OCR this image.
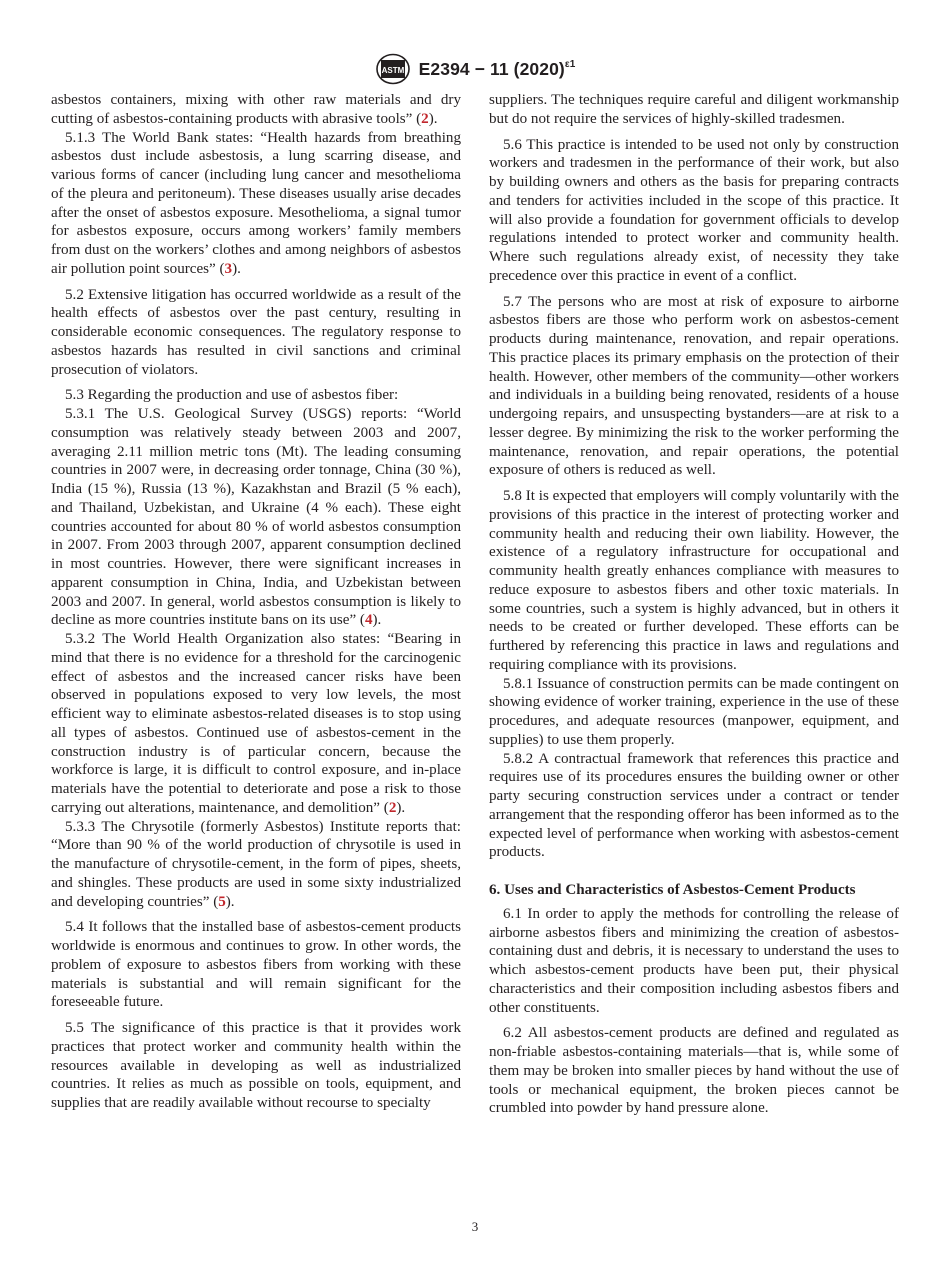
ASTM E2394 − 11 $(2020)^{\varepsilon 1}$

asbestos containers, mixing with other raw materials and dry cutting of asbestos-containing products with abrasive tools” (2).

5.1.3 The World Bank states: “Health hazards from breathing asbestos dust include asbestosis, a lung scarring disease, and various forms of cancer (including lung cancer and mesothelioma of the pleura and peritoneum). These diseases usually arise decades after the onset of asbestos exposure. Mesothelioma, a signal tumor for asbestos exposure, occurs among workers’ family members from dust on the workers’ clothes and among neighbors of asbestos air pollution point sources” (3).

5.2 Extensive litigation has occurred worldwide as a result of the health effects of asbestos over the past century, resulting in considerable economic consequences. The regulatory response to asbestos hazards has resulted in civil sanctions and criminal prosecution of violators.

5.3 Regarding the production and use of asbestos fiber:

5.3.1 The U.S. Geological Survey (USGS) reports: “World consumption was relatively steady between 2003 and 2007, averaging 2.11 million metric tons (Mt). The leading consuming countries in 2007 were, in decreasing order tonnage, China (30 %), India (15 %), Russia (13 %), Kazakhstan and Brazil (5 % each), and Thailand, Uzbekistan, and Ukraine (4 % each). These eight countries accounted for about 80 % of world asbestos consumption in 2007. From 2003 through 2007, apparent consumption declined in most countries. However, there were significant increases in apparent consumption in China, India, and Uzbekistan between 2003 and 2007. In general, world asbestos consumption is likely to decline as more countries institute bans on its use” (4).

5.3.2 The World Health Organization also states: “Bearing in mind that there is no evidence for a threshold for the carcinogenic effect of asbestos and the increased cancer risks have been observed in populations exposed to very low levels, the most efficient way to eliminate asbestos-related diseases is to stop using all types of asbestos. Continued use of asbestos-cement in the construction industry is of particular concern, because the workforce is large, it is difficult to control exposure, and in-place materials have the potential to deteriorate and pose a risk to those carrying out alterations, maintenance, and demolition” (2).

5.3.3 The Chrysotile (formerly Asbestos) Institute reports that: “More than 90 % of the world production of chrysotile is used in the manufacture of chrysotile-cement, in the form of pipes, sheets, and shingles. These products are used in some sixty industrialized and developing countries” (5).

5.4 It follows that the installed base of asbestos-cement products worldwide is enormous and continues to grow. In other words, the problem of exposure to asbestos fibers from working with these materials is substantial and will remain significant for the foreseeable future.

5.5 The significance of this practice is that it provides work practices that protect worker and community health within the resources available in developing as well as industrialized countries. It relies as much as possible on tools, equipment, and supplies that are readily available without recourse to specialty

suppliers. The techniques require careful and diligent workmanship but do not require the services of highly-skilled tradesmen.

5.6 This practice is intended to be used not only by construction workers and tradesmen in the performance of their work, but also by building owners and others as the basis for preparing contracts and tenders for activities included in the scope of this practice. It will also provide a foundation for government officials to develop regulations intended to protect worker and community health. Where such regulations already exist, of necessity they take precedence over this practice in event of a conflict.

5.7 The persons who are most at risk of exposure to airborne asbestos fibers are those who perform work on asbestos-cement products during maintenance, renovation, and repair operations. This practice places its primary emphasis on the protection of their health. However, other members of the community—other workers and individuals in a building being renovated, residents of a house undergoing repairs, and unsuspecting bystanders—are at risk to a lesser degree. By minimizing the risk to the worker performing the maintenance, renovation, and repair operations, the potential exposure of others is reduced as well.

5.8 It is expected that employers will comply voluntarily with the provisions of this practice in the interest of protecting worker and community health and reducing their own liability. However, the existence of a regulatory infrastructure for occupational and community health greatly enhances compliance with measures to reduce exposure to asbestos fibers and other toxic materials. In some countries, such a system is highly advanced, but in others it needs to be created or further developed. These efforts can be furthered by referencing this practice in laws and regulations and requiring compliance with its provisions.

5.8.1 Issuance of construction permits can be made contingent on showing evidence of worker training, experience in the use of these procedures, and adequate resources (manpower, equipment, and supplies) to use them properly.

5.8.2 A contractual framework that references this practice and requires use of its procedures ensures the building owner or other party securing construction services under a contract or tender arrangement that the responding offeror has been informed as to the expected level of performance when working with asbestos-cement products.

6. Uses and Characteristics of Asbestos-Cement Products

6.1 In order to apply the methods for controlling the release of airborne asbestos fibers and minimizing the creation of asbestos-containing dust and debris, it is necessary to understand the uses to which asbestos-cement products have been put, their physical characteristics and their composition including asbestos fibers and other constituents.

6.2 All asbestos-cement products are defined and regulated as non-friable asbestos-containing materials—that is, while some of them may be broken into smaller pieces by hand without the use of tools or mechanical equipment, the broken pieces cannot be crumbled into powder by hand pressure alone.

3
